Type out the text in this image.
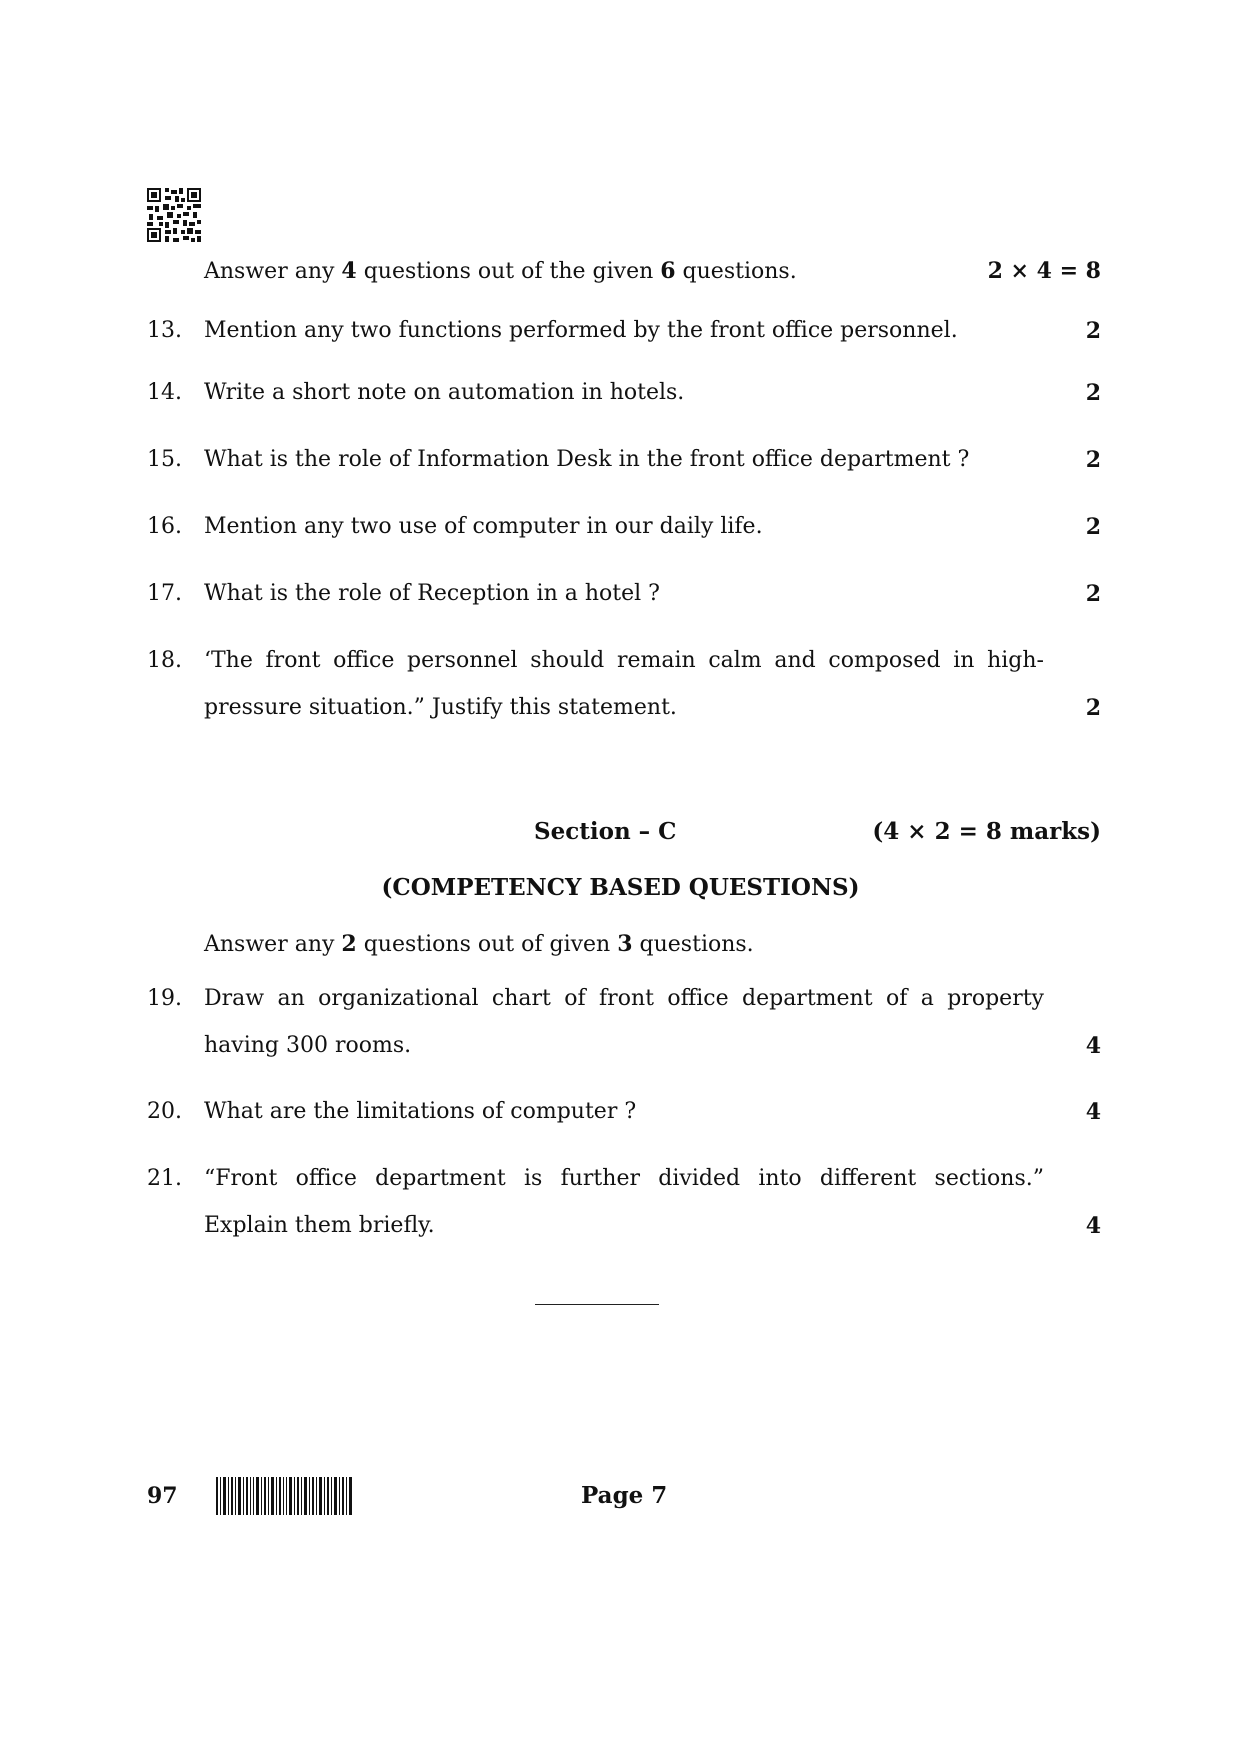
Answer any 4 questions out of the given 6 questions.	2 × 4 = 8
13. Mention any two functions performed by the front office personnel.	2
14. Write a short note on automation in hotels.	2
15. What is the role of Information Desk in the front office department ?	2
16. Mention any two use of computer in our daily life.	2
17. What is the role of Reception in a hotel ?	2
18. ‘The front office personnel should remain calm and composed in high-
pressure situation.” Justify this statement.	2
Section – C	(4 × 2 = 8 marks)
(COMPETENCY BASED QUESTIONS)
Answer any 2 questions out of given 3 questions.
19. Draw an organizational chart of front office department of a property
having 300 rooms.	4
20. What are the limitations of computer ?	4
21. “Front office department is further divided into different sections.”
Explain them briefly.	4
97	Page 7
